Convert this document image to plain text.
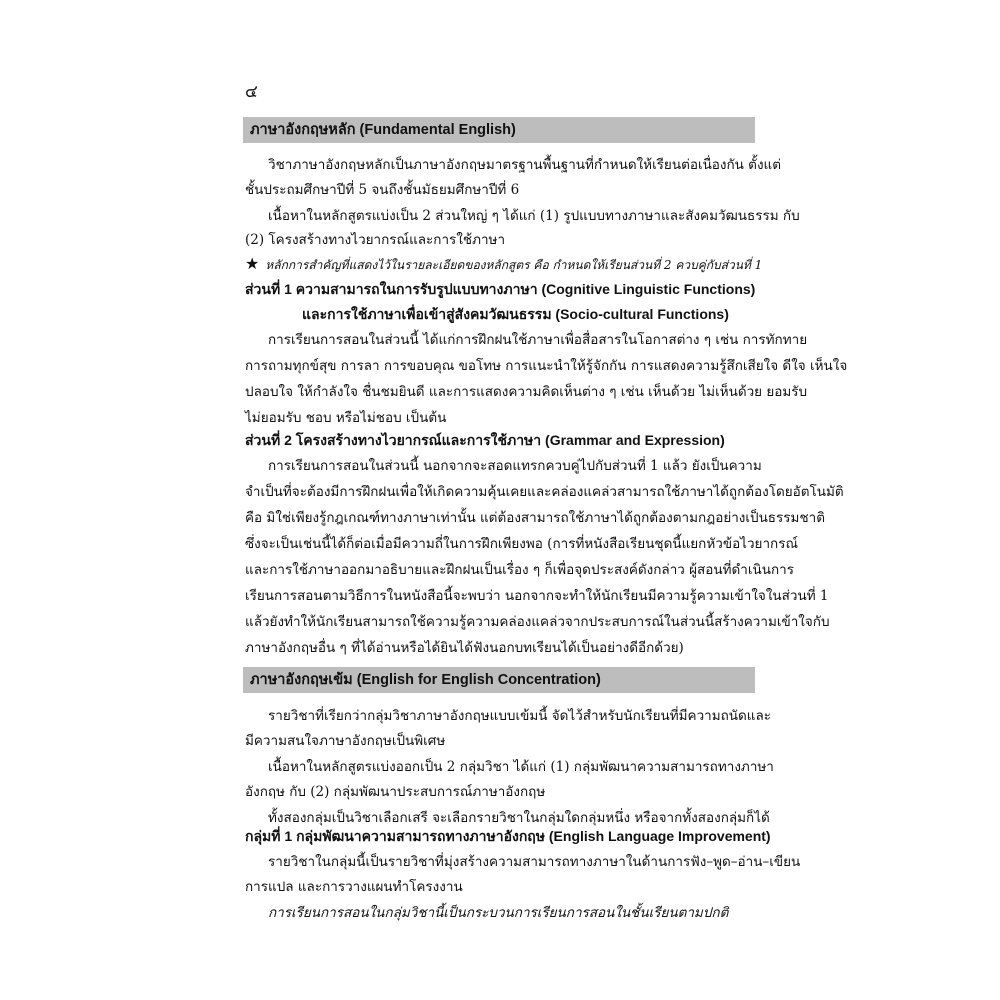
๔
ภาษาอังกฤษหลัก (Fundamental English)
วิชาภาษาอังกฤษหลักเป็นภาษาอังกฤษมาตรฐานพื้นฐานที่กำหนดให้เรียนต่อเนื่องกัน ตั้งแต่
ชั้นประถมศึกษาปีที่ 5 จนถึงชั้นมัธยมศึกษาปีที่ 6
เนื้อหาในหลักสูตรแบ่งเป็น 2 ส่วนใหญ่ ๆ ได้แก่ (1) รูปแบบทางภาษาและสังคมวัฒนธรรม กับ
(2) โครงสร้างทางไวยากรณ์และการใช้ภาษา
★ หลักการสำคัญที่แสดงไว้ในรายละเอียดของหลักสูตร คือ กำหนดให้เรียนส่วนที่ 2 ควบคู่กับส่วนที่ 1
ส่วนที่ 1 ความสามารถในการรับรูปแบบทางภาษา (Cognitive Linguistic Functions)
และการใช้ภาษาเพื่อเข้าสู่สังคมวัฒนธรรม (Socio-cultural Functions)
การเรียนการสอนในส่วนนี้ ได้แก่การฝึกฝนใช้ภาษาเพื่อสื่อสารในโอกาสต่าง ๆ เช่น การทักทาย
การถามทุกข์สุข การลา การขอบคุณ ขอโทษ การแนะนำให้รู้จักกัน การแสดงความรู้สึกเสียใจ ดีใจ เห็นใจ
ปลอบใจ ให้กำลังใจ ชื่นชมยินดี และการแสดงความคิดเห็นต่าง ๆ เช่น เห็นด้วย ไม่เห็นด้วย ยอมรับ
ไม่ยอมรับ ชอบ หรือไม่ชอบ เป็นต้น
ส่วนที่ 2 โครงสร้างทางไวยากรณ์และการใช้ภาษา (Grammar and Expression)
การเรียนการสอนในส่วนนี้ นอกจากจะสอดแทรกควบคู่ไปกับส่วนที่ 1 แล้ว ยังเป็นความ
จำเป็นที่จะต้องมีการฝึกฝนเพื่อให้เกิดความคุ้นเคยและคล่องแคล่วสามารถใช้ภาษาได้ถูกต้องโดยอัตโนมัติ
คือ มิใช่เพียงรู้กฎเกณฑ์ทางภาษาเท่านั้น แต่ต้องสามารถใช้ภาษาได้ถูกต้องตามกฎอย่างเป็นธรรมชาติ
ซึ่งจะเป็นเช่นนี้ได้ก็ต่อเมื่อมีความถี่ในการฝึกเพียงพอ (การที่หนังสือเรียนชุดนี้แยกหัวข้อไวยากรณ์
และการใช้ภาษาออกมาอธิบายและฝึกฝนเป็นเรื่อง ๆ ก็เพื่อจุดประสงค์ดังกล่าว ผู้สอนที่ดำเนินการ
เรียนการสอนตามวิธีการในหนังสือนี้จะพบว่า นอกจากจะทำให้นักเรียนมีความรู้ความเข้าใจในส่วนที่ 1
แล้วยังทำให้นักเรียนสามารถใช้ความรู้ความคล่องแคล่วจากประสบการณ์ในส่วนนี้สร้างความเข้าใจกับ
ภาษาอังกฤษอื่น ๆ ที่ได้อ่านหรือได้ยินได้ฟังนอกบทเรียนได้เป็นอย่างดีอีกด้วย)
ภาษาอังกฤษเข้ม (English for English Concentration)
รายวิชาที่เรียกว่ากลุ่มวิชาภาษาอังกฤษแบบเข้มนี้ จัดไว้สำหรับนักเรียนที่มีความถนัดและ
มีความสนใจภาษาอังกฤษเป็นพิเศษ
เนื้อหาในหลักสูตรแบ่งออกเป็น 2 กลุ่มวิชา ได้แก่ (1) กลุ่มพัฒนาความสามารถทางภาษา
อังกฤษ กับ (2) กลุ่มพัฒนาประสบการณ์ภาษาอังกฤษ
ทั้งสองกลุ่มเป็นวิชาเลือกเสรี จะเลือกรายวิชาในกลุ่มใดกลุ่มหนึ่ง หรือจากทั้งสองกลุ่มก็ได้
กลุ่มที่ 1 กลุ่มพัฒนาความสามารถทางภาษาอังกฤษ (English Language Improvement)
รายวิชาในกลุ่มนี้เป็นรายวิชาที่มุ่งสร้างความสามารถทางภาษาในด้านการฟัง–พูด–อ่าน–เขียน
การแปล และการวางแผนทำโครงงาน
การเรียนการสอนในกลุ่มวิชานี้เป็นกระบวนการเรียนการสอนในชั้นเรียนตามปกติ
